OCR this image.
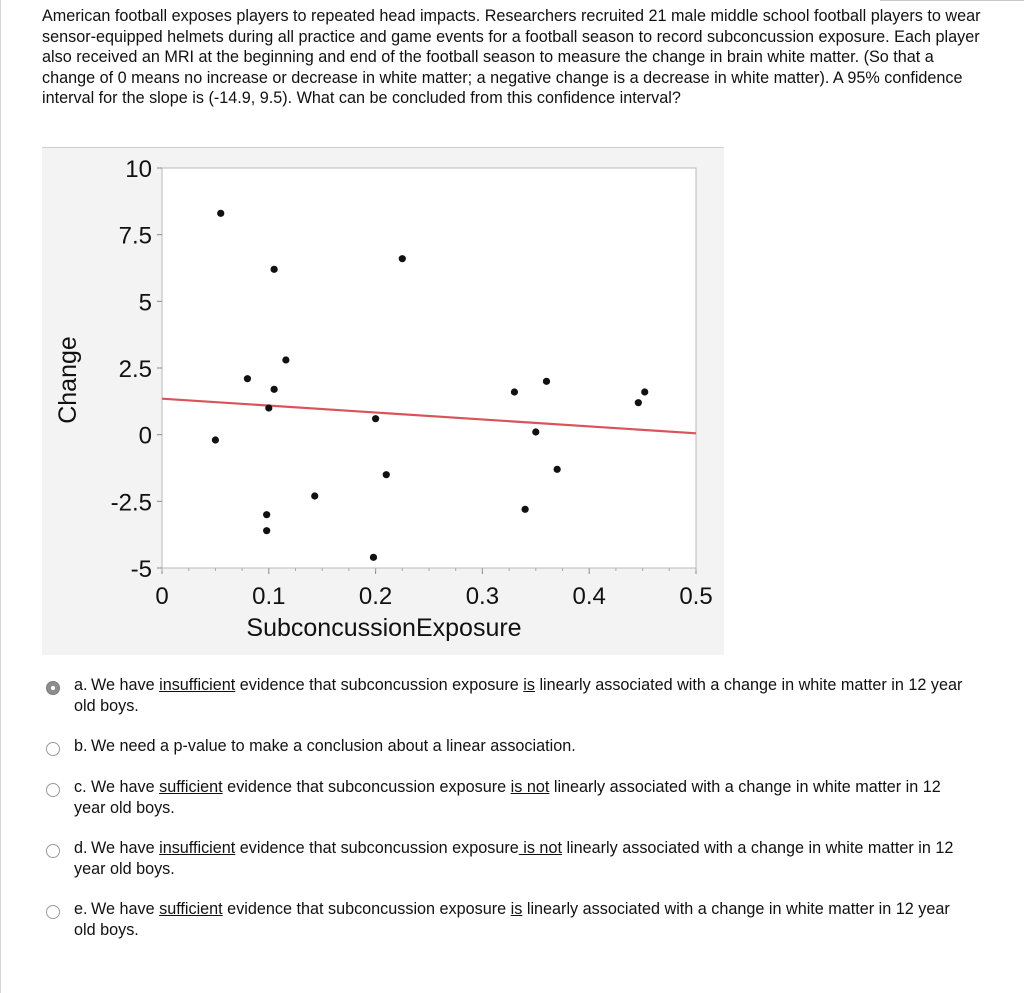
American football exposes players to repeated head impacts. Researchers recruited 21 male middle school football players to wear sensor-equipped helmets during all practice and game events for a football season to record subconcussion exposure. Each player also received an MRI at the beginning and end of the football season to measure the change in brain white matter. (So that a change of 0 means no increase or decrease in white matter; a negative change is a decrease in white matter). A 95% confidence interval for the slope is (-14.9, 9.5). What can be concluded from this confidence interval?
10
7.5
5
2.5
0
-2.5
-5
0	0.1	0.2	0.3	0.4	0.5
SubconcussionExposure
Change
a. We have insufficient evidence that subconcussion exposure is linearly associated with a change in white matter in 12 year old boys.
b. We need a p-value to make a conclusion about a linear association.
c. We have sufficient evidence that subconcussion exposure is not linearly associated with a change in white matter in 12 year old boys.
d. We have insufficient evidence that subconcussion exposure is not linearly associated with a change in white matter in 12 year old boys.
e. We have sufficient evidence that subconcussion exposure is linearly associated with a change in white matter in 12 year old boys.
